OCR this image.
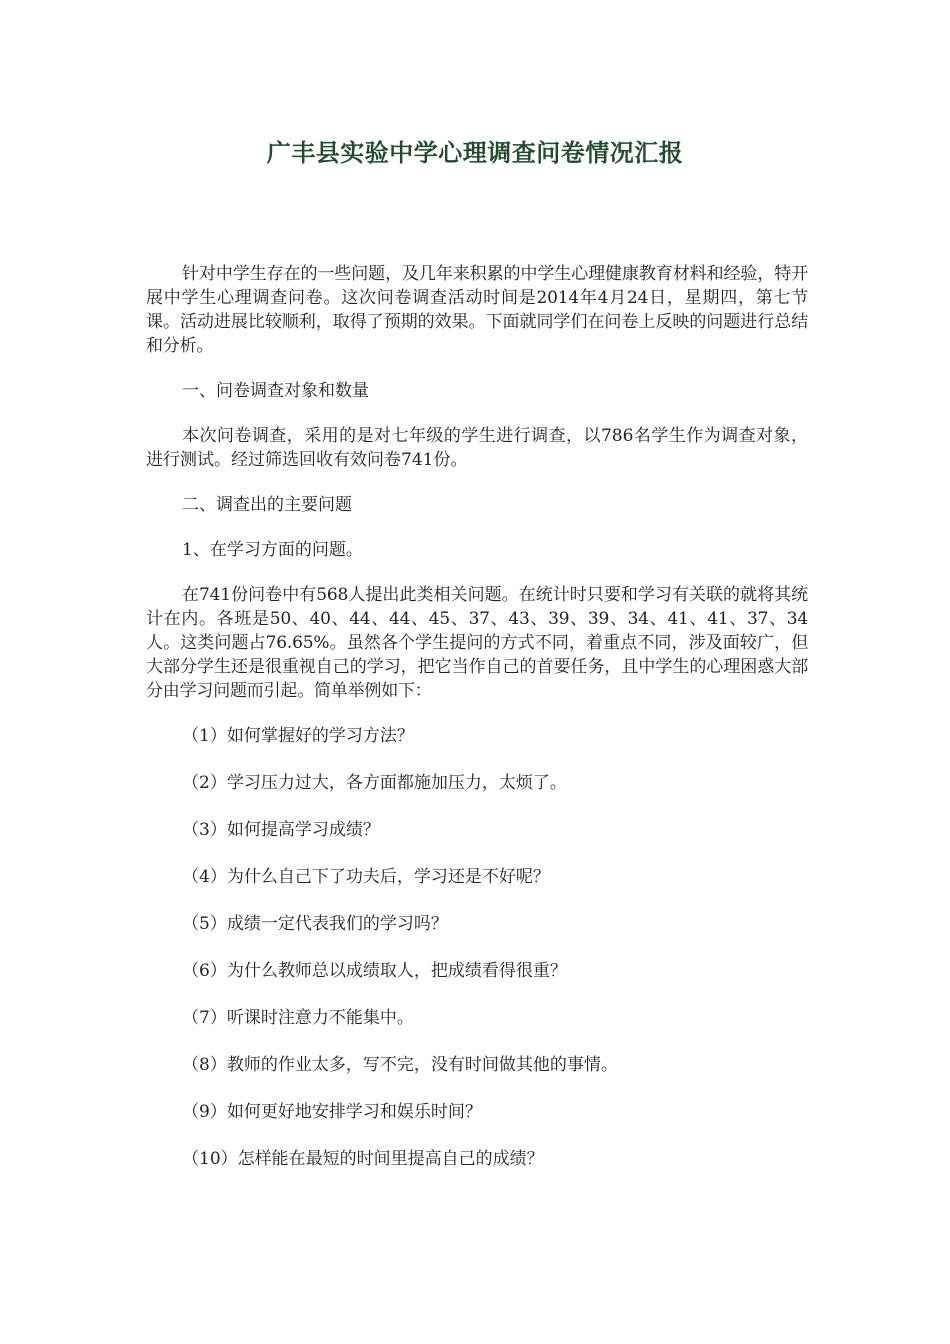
广丰县实验中学心理调查问卷情况汇报

针对中学生存在的一些问题，及几年来积累的中学生心理健康教育材料和经验，特开展中学生心理调查问卷。这次问卷调查活动时间是2014年4月24日，星期四，第七节课。活动进展比较顺利，取得了预期的效果。下面就同学们在问卷上反映的问题进行总结和分析。

一、问卷调查对象和数量

本次问卷调查，采用的是对七年级的学生进行调查，以786名学生作为调查对象，进行测试。经过筛选回收有效问卷741份。

二、调查出的主要问题

1、在学习方面的问题。

在741份问卷中有568人提出此类相关问题。在统计时只要和学习有关联的就将其统计在内。各班是50、40、44、44、45、37、43、39、39、34、41、41、37、34人。这类问题占76.65%。虽然各个学生提问的方式不同，着重点不同，涉及面较广，但大部分学生还是很重视自己的学习，把它当作自己的首要任务，且中学生的心理困惑大部分由学习问题而引起。简单举例如下：

（1）如何掌握好的学习方法？
（2）学习压力过大，各方面都施加压力，太烦了。
（3）如何提高学习成绩？
（4）为什么自己下了功夫后，学习还是不好呢？
（5）成绩一定代表我们的学习吗？
（6）为什么教师总以成绩取人，把成绩看得很重？
（7）听课时注意力不能集中。
（8）教师的作业太多，写不完，没有时间做其他的事情。
（9）如何更好地安排学习和娱乐时间？
（10）怎样能在最短的时间里提高自己的成绩？
